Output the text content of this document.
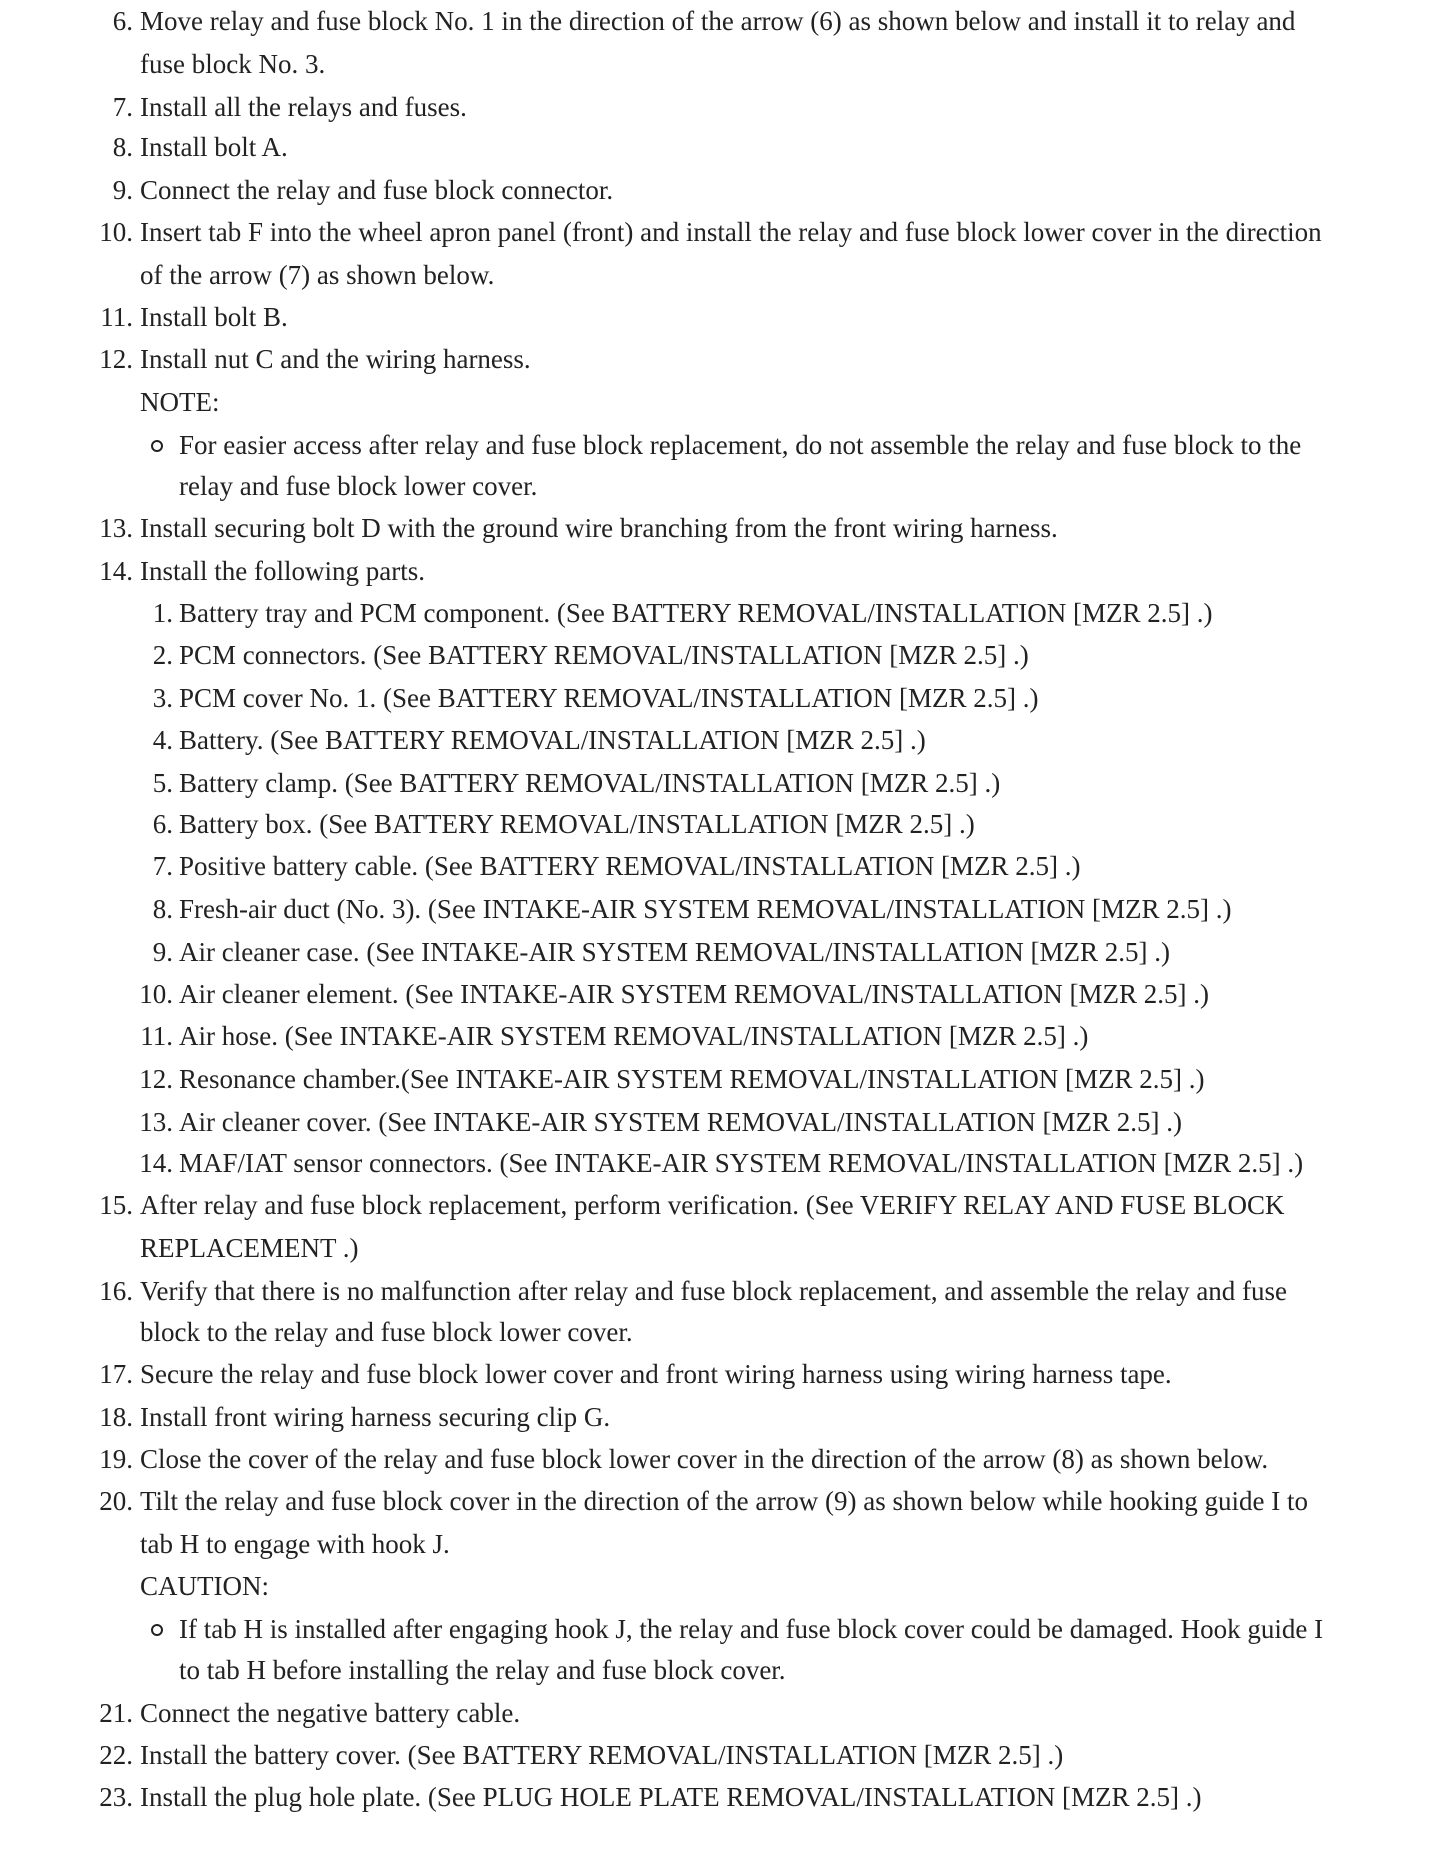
6. Move relay and fuse block No. 1 in the direction of the arrow (6) as shown below and install it to relay and
fuse block No. 3.
7. Install all the relays and fuses.
8. Install bolt A.
9. Connect the relay and fuse block connector.
10. Insert tab F into the wheel apron panel (front) and install the relay and fuse block lower cover in the direction
of the arrow (7) as shown below.
11. Install bolt B.
12. Install nut C and the wiring harness.
NOTE:
For easier access after relay and fuse block replacement, do not assemble the relay and fuse block to the
relay and fuse block lower cover.
13. Install securing bolt D with the ground wire branching from the front wiring harness.
14. Install the following parts.
1. Battery tray and PCM component. (See BATTERY REMOVAL/INSTALLATION [MZR 2.5] .)
2. PCM connectors. (See BATTERY REMOVAL/INSTALLATION [MZR 2.5] .)
3. PCM cover No. 1. (See BATTERY REMOVAL/INSTALLATION [MZR 2.5] .)
4. Battery. (See BATTERY REMOVAL/INSTALLATION [MZR 2.5] .)
5. Battery clamp. (See BATTERY REMOVAL/INSTALLATION [MZR 2.5] .)
6. Battery box. (See BATTERY REMOVAL/INSTALLATION [MZR 2.5] .)
7. Positive battery cable. (See BATTERY REMOVAL/INSTALLATION [MZR 2.5] .)
8. Fresh-air duct (No. 3). (See INTAKE-AIR SYSTEM REMOVAL/INSTALLATION [MZR 2.5] .)
9. Air cleaner case. (See INTAKE-AIR SYSTEM REMOVAL/INSTALLATION [MZR 2.5] .)
10. Air cleaner element. (See INTAKE-AIR SYSTEM REMOVAL/INSTALLATION [MZR 2.5] .)
11. Air hose. (See INTAKE-AIR SYSTEM REMOVAL/INSTALLATION [MZR 2.5] .)
12. Resonance chamber.(See INTAKE-AIR SYSTEM REMOVAL/INSTALLATION [MZR 2.5] .)
13. Air cleaner cover. (See INTAKE-AIR SYSTEM REMOVAL/INSTALLATION [MZR 2.5] .)
14. MAF/IAT sensor connectors. (See INTAKE-AIR SYSTEM REMOVAL/INSTALLATION [MZR 2.5] .)
15. After relay and fuse block replacement, perform verification. (See VERIFY RELAY AND FUSE BLOCK
REPLACEMENT .)
16. Verify that there is no malfunction after relay and fuse block replacement, and assemble the relay and fuse
block to the relay and fuse block lower cover.
17. Secure the relay and fuse block lower cover and front wiring harness using wiring harness tape.
18. Install front wiring harness securing clip G.
19. Close the cover of the relay and fuse block lower cover in the direction of the arrow (8) as shown below.
20. Tilt the relay and fuse block cover in the direction of the arrow (9) as shown below while hooking guide I to
tab H to engage with hook J.
CAUTION:
If tab H is installed after engaging hook J, the relay and fuse block cover could be damaged. Hook guide I
to tab H before installing the relay and fuse block cover.
21. Connect the negative battery cable.
22. Install the battery cover. (See BATTERY REMOVAL/INSTALLATION [MZR 2.5] .)
23. Install the plug hole plate. (See PLUG HOLE PLATE REMOVAL/INSTALLATION [MZR 2.5] .)
